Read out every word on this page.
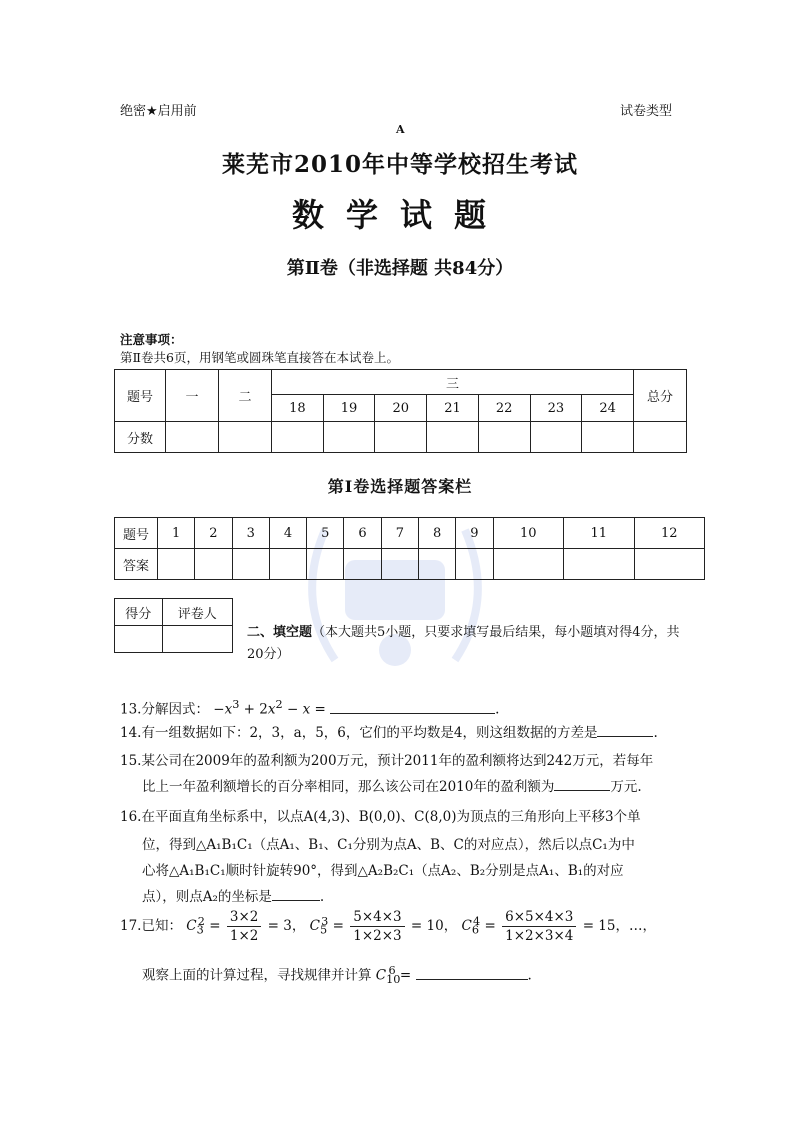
绝密★启用前	试卷类型
A
莱芜市2010年中等学校招生考试
数学试题
第Ⅱ卷（非选择题 共84分）
注意事项：
第Ⅱ卷共6页，用钢笔或圆珠笔直接答在本试卷上。
题号	一	二	三							总分
			18	19	20	21	22	23	24	
分数										
第Ⅰ卷选择题答案栏
题号	1	2	3	4	5	6	7	8	9	10	11	12
答案												
得分	评卷人

二、填空题（本大题共5小题，只要求填写最后结果，每小题填对得4分，共20分）
13.分解因式： $-x^3 + 2x^2 - x$ =	.
14.有一组数据如下：2，3，a，5，6，它们的平均数是4，则这组数据的方差是	.
15.某公司在2009年的盈利额为200万元，预计2011年的盈利额将达到242万元，若每年
比上一年盈利额增长的百分率相同，那么该公司在2010年的盈利额为	万元.
16.在平面直角坐标系中，以点A(4,3)、B(0,0)、C(8,0)为顶点的三角形向上平移3个单
位，得到△A₁B₁C₁（点A₁、B₁、C₁分别为点A、B、C的对应点），然后以点C₁为中
心将△A₁B₁C₁顺时针旋转90°，得到△A₂B₂C₁（点A₂、B₂分别是点A₁、B₁的对应
点），则点A₂的坐标是	.
17.已知： $C_3^2 = \frac{3\times 2}{1\times 2} = 3$， $C_5^3 = \frac{5\times 4\times 3}{1\times 2\times 3} = 10$， $C_6^4 = \frac{6\times 5\times 4\times 3}{1\times 2\times 3\times 4} = 15$，…，
观察上面的计算过程，寻找规律并计算 $C_{10}^6$ =	.
